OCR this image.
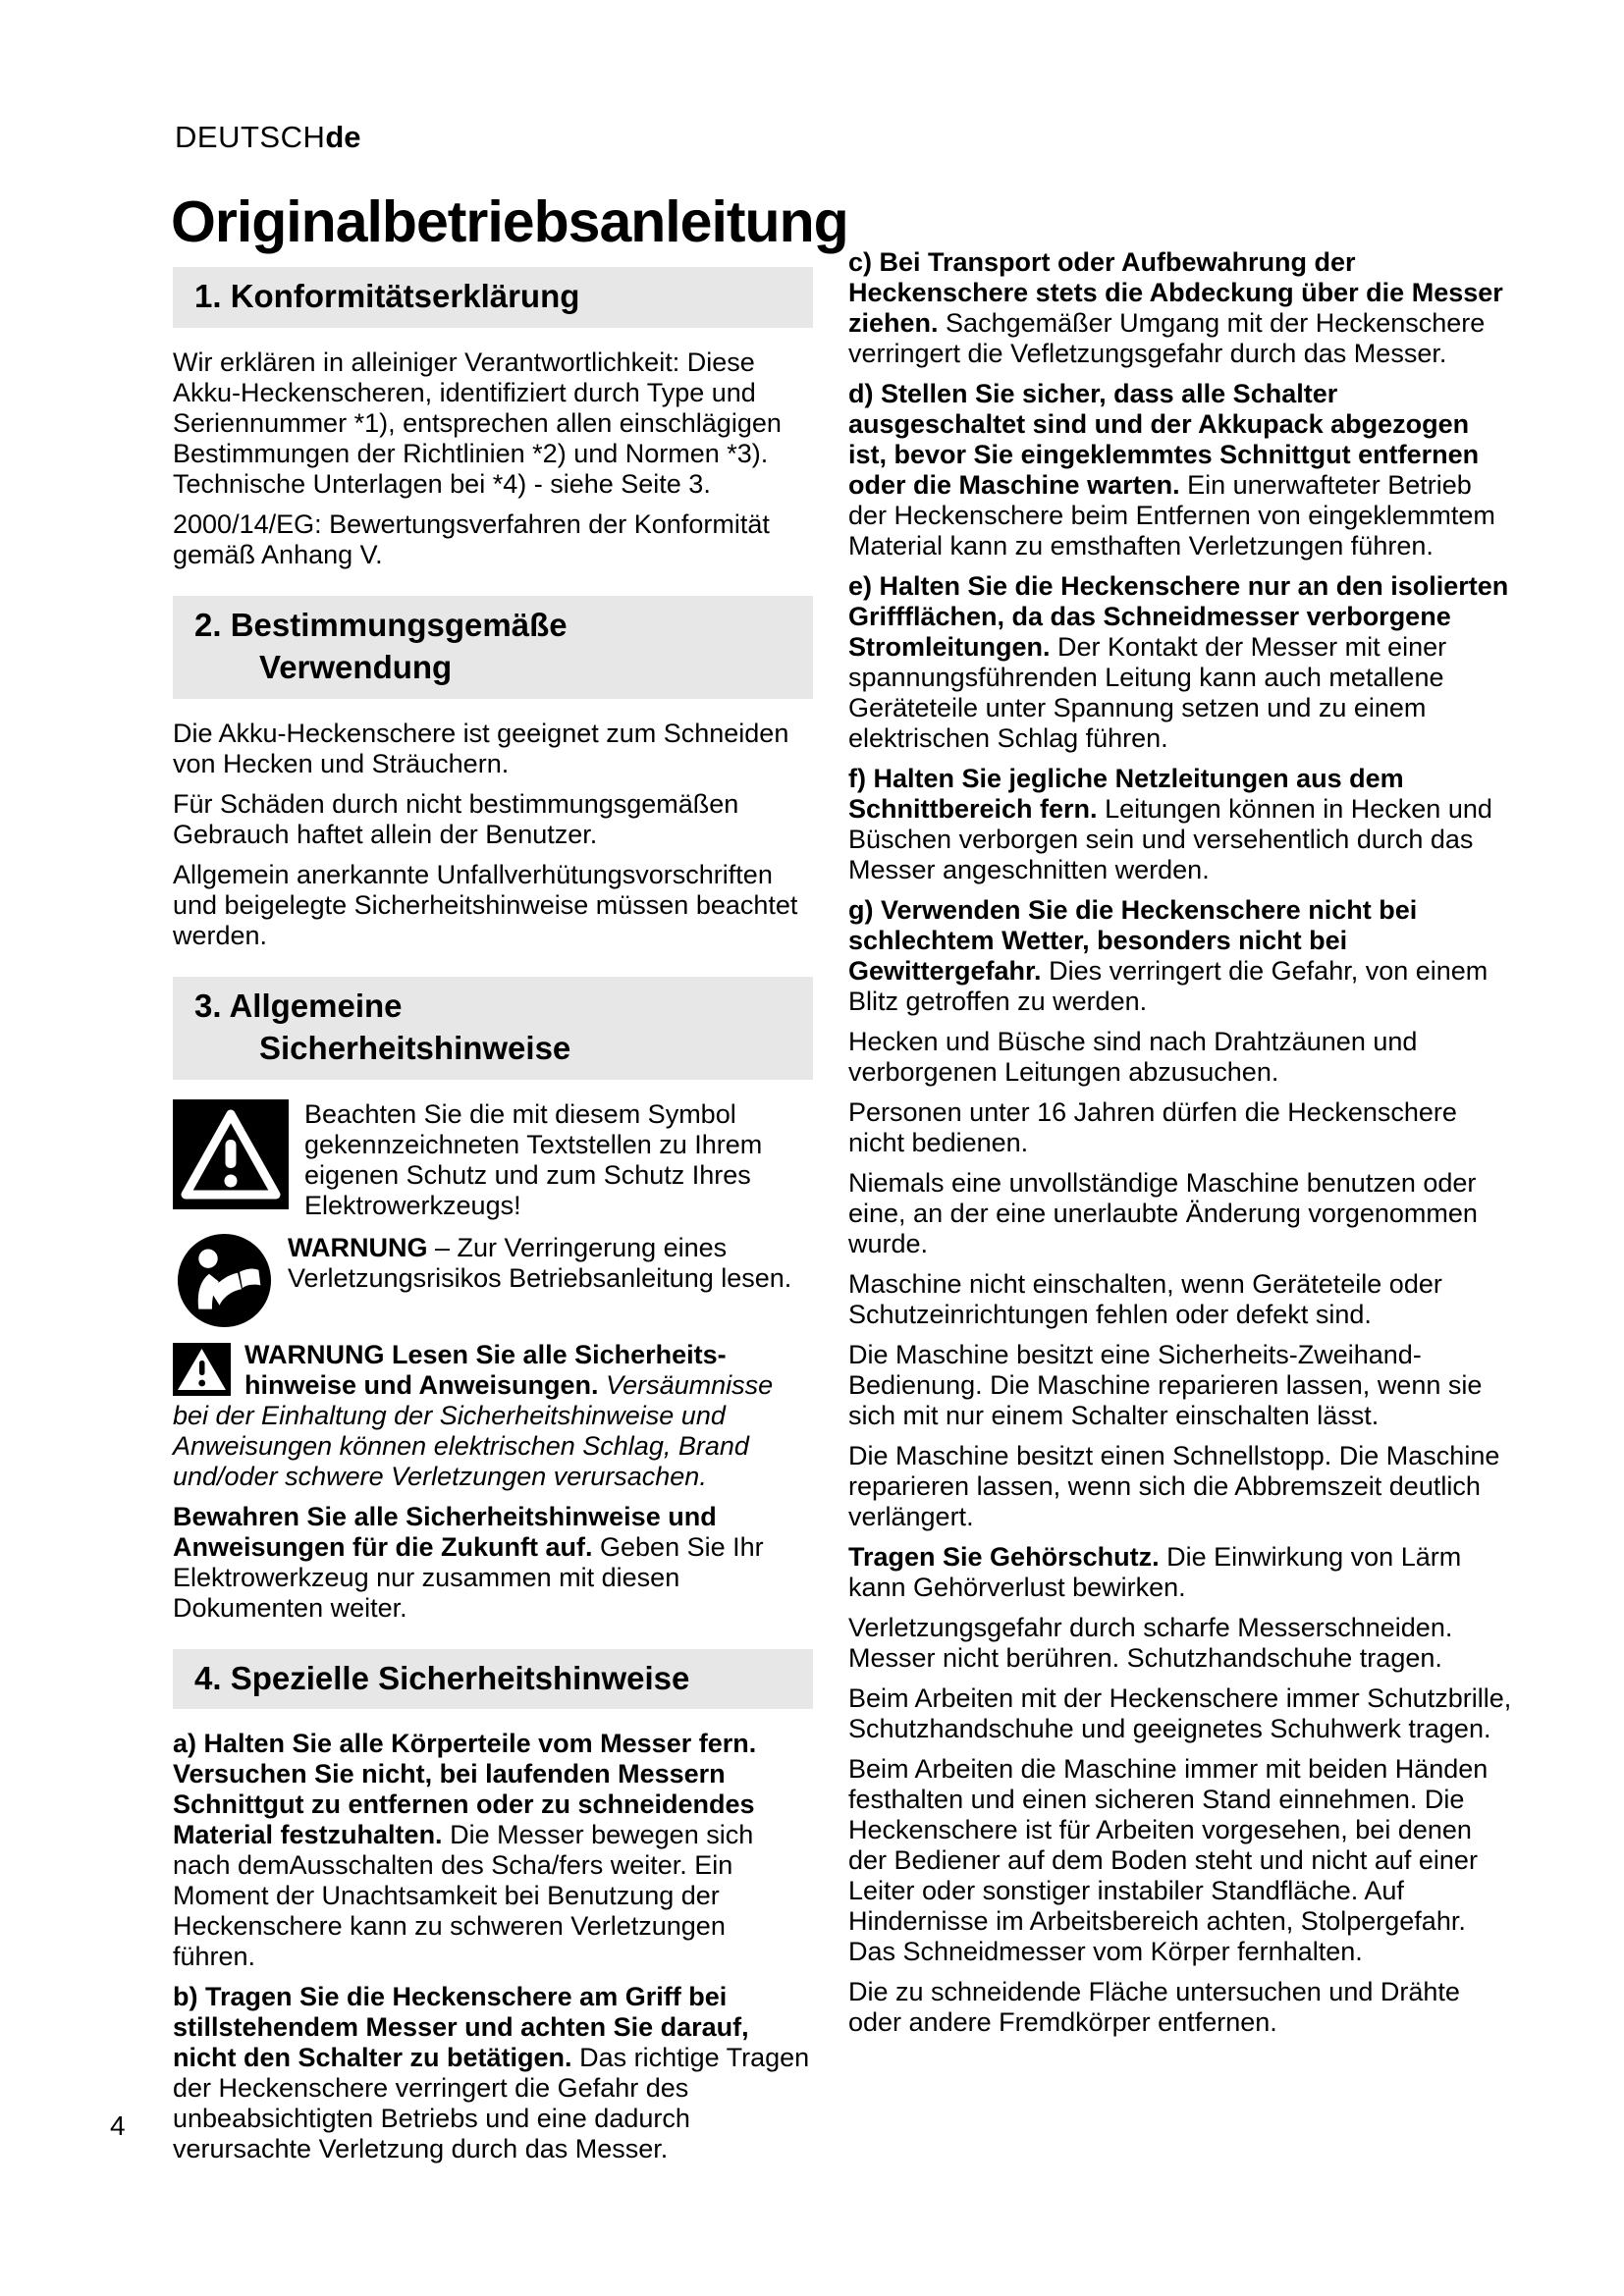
DEUTSCHde
Originalbetriebsanleitung
1. Konformitätserklärung

Wir erklären in alleiniger Verantwortlichkeit: Diese Akku-Heckenscheren, identifiziert durch Type und Seriennummer *1), entsprechen allen einschlägigen Bestimmungen der Richtlinien *2) und Normen *3). Technische Unterlagen bei *4) - siehe Seite 3.

2000/14/EG: Bewertungsverfahren der Konformität gemäß Anhang V.

2. Bestimmungsgemäße
Verwendung

Die Akku-Heckenschere ist geeignet zum Schneiden von Hecken und Sträuchern.

Für Schäden durch nicht bestimmungsgemäßen Gebrauch haftet allein der Benutzer.

Allgemein anerkannte Unfallverhütungsvorschriften und beigelegte Sicherheitshinweise müssen beachtet werden.

3. Allgemeine
Sicherheitshinweise
Beachten Sie die mit diesem Symbol gekennzeichneten Textstellen zu Ihrem eigenen Schutz und zum Schutz Ihres Elektrowerkzeugs!
WARNUNG – Zur Verringerung eines Verletzungsrisikos Betriebsanleitung lesen.
WARNUNG Lesen Sie alle Sicherheits-hinweise und Anweisungen. Versäumnisse bei der Einhaltung der Sicherheitshinweise und Anweisungen können elektrischen Schlag, Brand und/oder schwere Verletzungen verursachen.

Bewahren Sie alle Sicherheitshinweise und Anweisungen für die Zukunft auf. Geben Sie Ihr Elektrowerkzeug nur zusammen mit diesen Dokumenten weiter.

4. Spezielle Sicherheitshinweise

a) Halten Sie alle Körperteile vom Messer fern. Versuchen Sie nicht, bei laufenden Messern Schnittgut zu entfernen oder zu schneidendes Material festzuhalten. Die Messer bewegen sich nach demAusschalten des Scha/fers weiter. Ein Moment der Unachtsamkeit bei Benutzung der Heckenschere kann zu schweren Verletzungen führen.

b) Tragen Sie die Heckenschere am Griff bei stillstehendem Messer und achten Sie darauf, nicht den Schalter zu betätigen. Das richtige Tragen der Heckenschere verringert die Gefahr des unbeabsichtigten Betriebs und eine dadurch verursachte Verletzung durch das Messer.

c) Bei Transport oder Aufbewahrung der Heckenschere stets die Abdeckung über die Messer ziehen. Sachgemäßer Umgang mit der Heckenschere verringert die Vefletzungsgefahr durch das Messer.

d) Stellen Sie sicher, dass alle Schalter ausgeschaltet sind und der Akkupack abgezogen ist, bevor Sie eingeklemmtes Schnittgut entfernen oder die Maschine warten. Ein unerwafteter Betrieb der Heckenschere beim Entfernen von eingeklemmtem Material kann zu emsthaften Verletzungen führen.

e) Halten Sie die Heckenschere nur an den isolierten Griffflächen, da das Schneidmesser verborgene Stromleitungen. Der Kontakt der Messer mit einer spannungsführenden Leitung kann auch metallene Geräteteile unter Spannung setzen und zu einem elektrischen Schlag führen.

f) Halten Sie jegliche Netzleitungen aus dem Schnittbereich fern. Leitungen können in Hecken und Büschen verborgen sein und versehentlich durch das Messer angeschnitten werden.

g) Verwenden Sie die Heckenschere nicht bei schlechtem Wetter, besonders nicht bei Gewittergefahr. Dies verringert die Gefahr, von einem Blitz getroffen zu werden.

Hecken und Büsche sind nach Drahtzäunen und verborgenen Leitungen abzusuchen.

Personen unter 16 Jahren dürfen die Heckenschere nicht bedienen.

Niemals eine unvollständige Maschine benutzen oder eine, an der eine unerlaubte Änderung vorgenommen wurde.

Maschine nicht einschalten, wenn Geräteteile oder Schutzeinrichtungen fehlen oder defekt sind.

Die Maschine besitzt eine Sicherheits-Zweihand-Bedienung. Die Maschine reparieren lassen, wenn sie sich mit nur einem Schalter einschalten lässt.

Die Maschine besitzt einen Schnellstopp. Die Maschine reparieren lassen, wenn sich die Abbremszeit deutlich verlängert.

Tragen Sie Gehörschutz. Die Einwirkung von Lärm kann Gehörverlust bewirken.

Verletzungsgefahr durch scharfe Messerschneiden. Messer nicht berühren. Schutzhandschuhe tragen.

Beim Arbeiten mit der Heckenschere immer Schutzbrille, Schutzhandschuhe und geeignetes Schuhwerk tragen.

Beim Arbeiten die Maschine immer mit beiden Händen festhalten und einen sicheren Stand einnehmen. Die Heckenschere ist für Arbeiten vorgesehen, bei denen der Bediener auf dem Boden steht und nicht auf einer Leiter oder sonstiger instabiler Standfläche. Auf Hindernisse im Arbeitsbereich achten, Stolpergefahr. Das Schneidmesser vom Körper fernhalten.

Die zu schneidende Fläche untersuchen und Drähte oder andere Fremdkörper entfernen.

4
